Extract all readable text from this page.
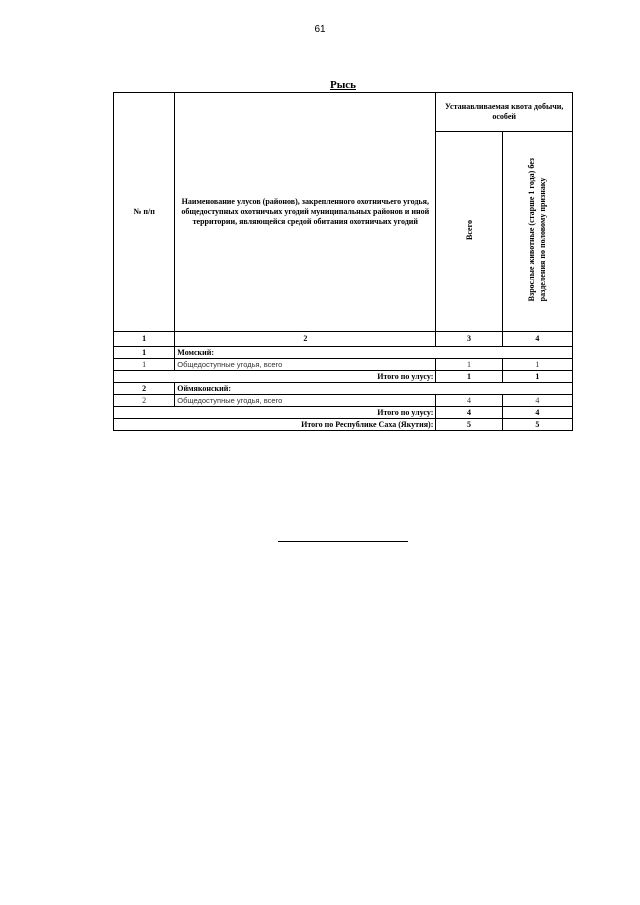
61
Рысь
№ п/п	Наименование улусов (районов), закрепленного охотничьего угодья, общедоступных охотничьих угодий муниципальных районов и иной территории, являющейся средой обитания охотничьих угодий	Устанавливаемая квота добычи, особей	
		Всего	Взрослые животные (старше 1 года) без разделения по половому признаку
1	2	3	4
1	Момский:		
1	Общедоступные угодья, всего	1	1
Итого по улусу:		1	1
2	Оймяконский:		
2	Общедоступные угодья, всего	4	4
Итого по улусу:		4	4
Итого по Республике Саха (Якутия):		5	5
